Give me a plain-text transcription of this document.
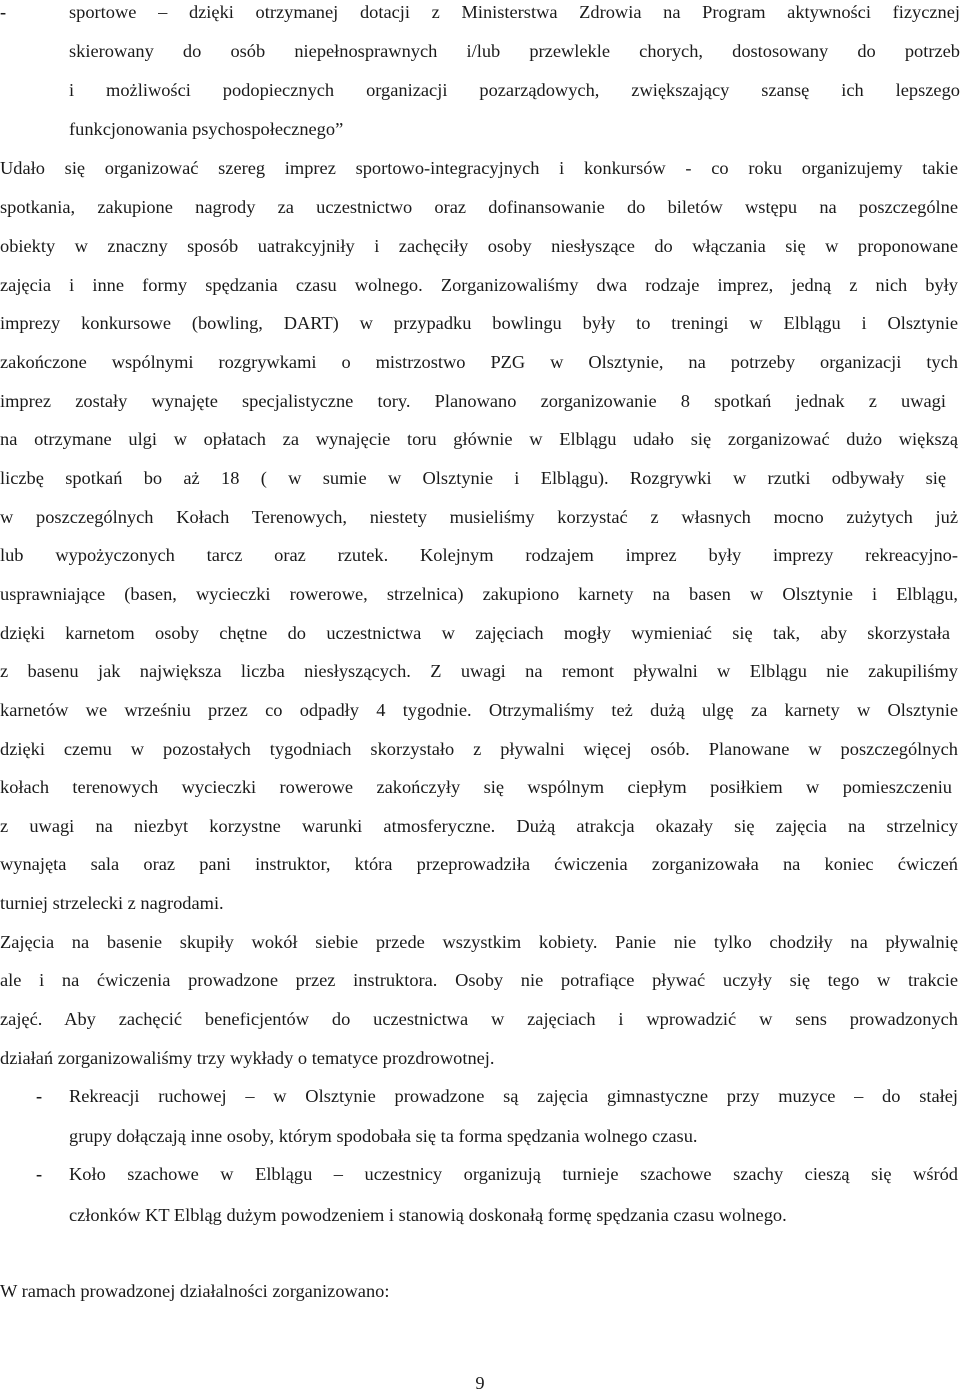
-	sportowe – dzięki otrzymanej dotacji z Ministerstwa Zdrowia na Program aktywności fizycznej
skierowany do osób niepełnosprawnych i/lub przewlekle chorych, dostosowany do potrzeb
i możliwości podopiecznych organizacji pozarządowych, zwiększający szansę ich lepszego
funkcjonowania psychospołecznego”
Udało się organizować szereg imprez sportowo-integracyjnych i konkursów - co roku organizujemy takie
spotkania, zakupione nagrody za uczestnictwo oraz dofinansowanie do biletów wstępu na poszczególne
obiekty w znaczny sposób uatrakcyjniły i zachęciły osoby niesłyszące do włączania się w proponowane
zajęcia i inne formy spędzania czasu wolnego. Zorganizowaliśmy dwa rodzaje imprez, jedną z nich były
imprezy konkursowe (bowling, DART) w przypadku bowlingu były to treningi w Elblągu i Olsztynie
zakończone wspólnymi rozgrywkami o mistrzostwo PZG w Olsztynie, na potrzeby organizacji tych
imprez zostały wynajęte specjalistyczne tory. Planowano zorganizowanie 8 spotkań jednak z uwagi
na otrzymane ulgi w opłatach za wynajęcie toru głównie w Elblągu udało się zorganizować dużo większą
liczbę spotkań bo aż 18 ( w sumie w Olsztynie i Elblągu). Rozgrywki w rzutki odbywały się
w poszczególnych Kołach Terenowych, niestety musieliśmy korzystać z własnych mocno zużytych już
lub wypożyczonych tarcz oraz rzutek. Kolejnym rodzajem imprez były imprezy rekreacyjno-
usprawniające (basen, wycieczki rowerowe, strzelnica) zakupiono karnety na basen w Olsztynie i Elblągu,
dzięki karnetom osoby chętne do uczestnictwa w zajęciach mogły wymieniać się tak, aby skorzystała
z basenu jak największa liczba niesłyszących. Z uwagi na remont pływalni w Elblągu nie zakupiliśmy
karnetów we wrześniu przez co odpadły 4 tygodnie. Otrzymaliśmy też dużą ulgę za karnety w Olsztynie
dzięki czemu w pozostałych tygodniach skorzystało z pływalni więcej osób. Planowane w poszczególnych
kołach terenowych wycieczki rowerowe zakończyły się wspólnym ciepłym posiłkiem w pomieszczeniu
z uwagi na niezbyt korzystne warunki atmosferyczne. Dużą atrakcja okazały się zajęcia na strzelnicy
wynajęta sala oraz pani instruktor, która przeprowadziła ćwiczenia zorganizowała na koniec ćwiczeń
turniej strzelecki z nagrodami.
Zajęcia na basenie skupiły wokół siebie przede wszystkim kobiety. Panie nie tylko chodziły na pływalnię
ale i na ćwiczenia prowadzone przez instruktora. Osoby nie potrafiące pływać uczyły się tego w trakcie
zajęć. Aby zachęcić beneficjentów do uczestnictwa w zajęciach i wprowadzić w sens prowadzonych
działań zorganizowaliśmy trzy wykłady o tematyce prozdrowotnej.
-	Rekreacji ruchowej – w Olsztynie prowadzone są zajęcia gimnastyczne przy muzyce – do stałej
grupy dołączają inne osoby, którym spodobała się ta forma spędzania wolnego czasu.
-	Koło szachowe w Elblągu – uczestnicy organizują turnieje szachowe szachy cieszą się wśród
członków KT Elbląg dużym powodzeniem i stanowią doskonałą formę spędzania czasu wolnego.
W ramach prowadzonej działalności zorganizowano:
9
